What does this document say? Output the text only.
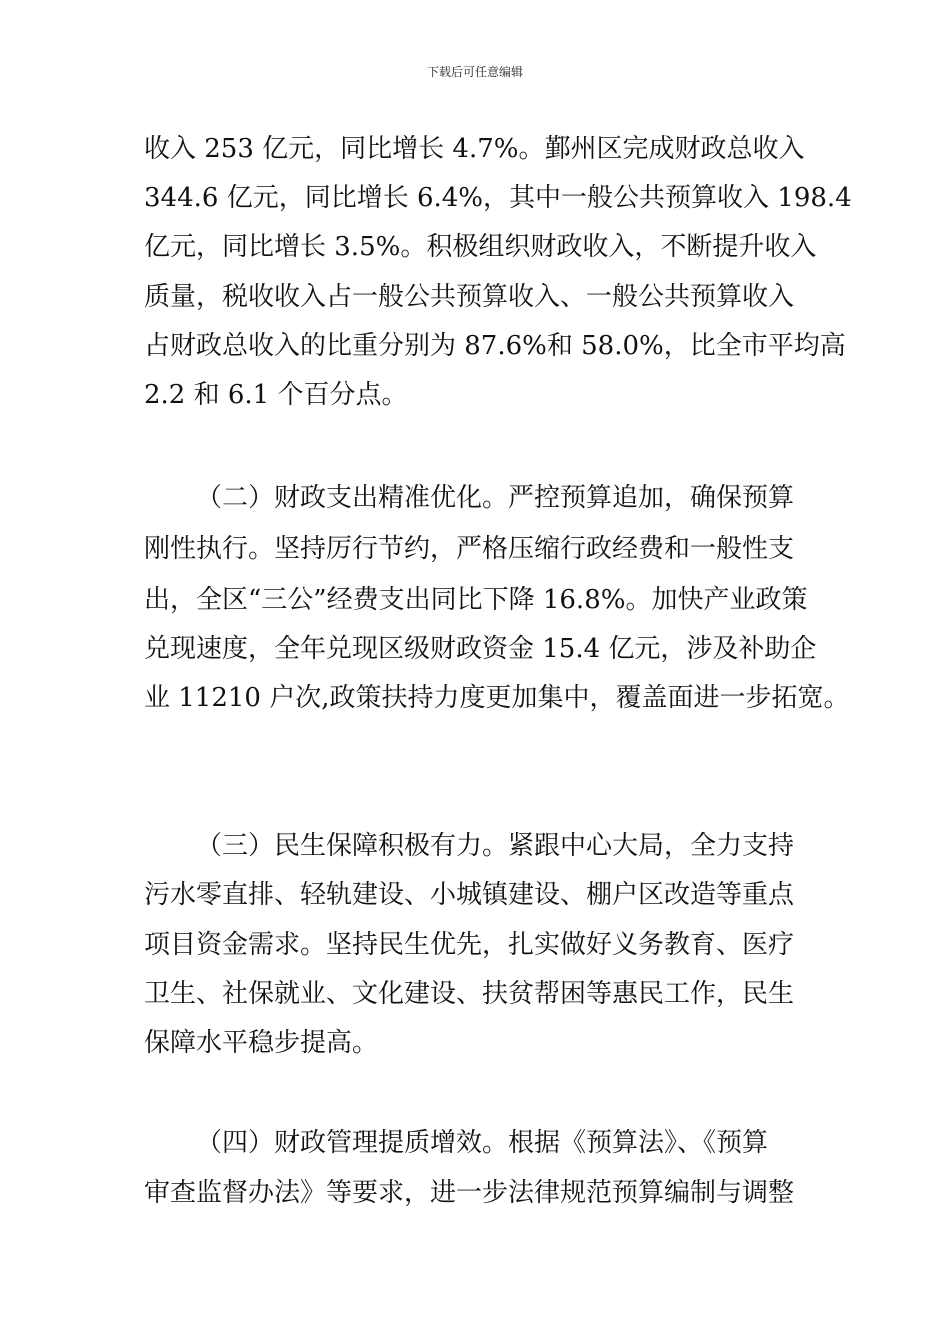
下载后可任意编辑
收入 253 亿元，同比增长 4.7%。鄞州区完成财政总收入
344.6 亿元，同比增长 6.4%，其中一般公共预算收入 198.4
亿元，同比增长 3.5%。积极组织财政收入，不断提升收入
质量，税收收入占一般公共预算收入、一般公共预算收入
占财政总收入的比重分别为 87.6%和 58.0%，比全市平均高
2.2 和 6.1 个百分点。
（二）财政支出精准优化。严控预算追加，确保预算
刚性执行。坚持厉行节约，严格压缩行政经费和一般性支
出，全区“三公”经费支出同比下降 16.8%。加快产业政策
兑现速度，全年兑现区级财政资金 15.4 亿元，涉及补助企
业 11210 户次,政策扶持力度更加集中，覆盖面进一步拓宽。
（三）民生保障积极有力。紧跟中心大局，全力支持
污水零直排、轻轨建设、小城镇建设、棚户区改造等重点
项目资金需求。坚持民生优先，扎实做好义务教育、医疗
卫生、社保就业、文化建设、扶贫帮困等惠民工作，民生
保障水平稳步提高。
（四）财政管理提质增效。根据《预算法》、《预算
审查监督办法》等要求，进一步法律规范预算编制与调整
